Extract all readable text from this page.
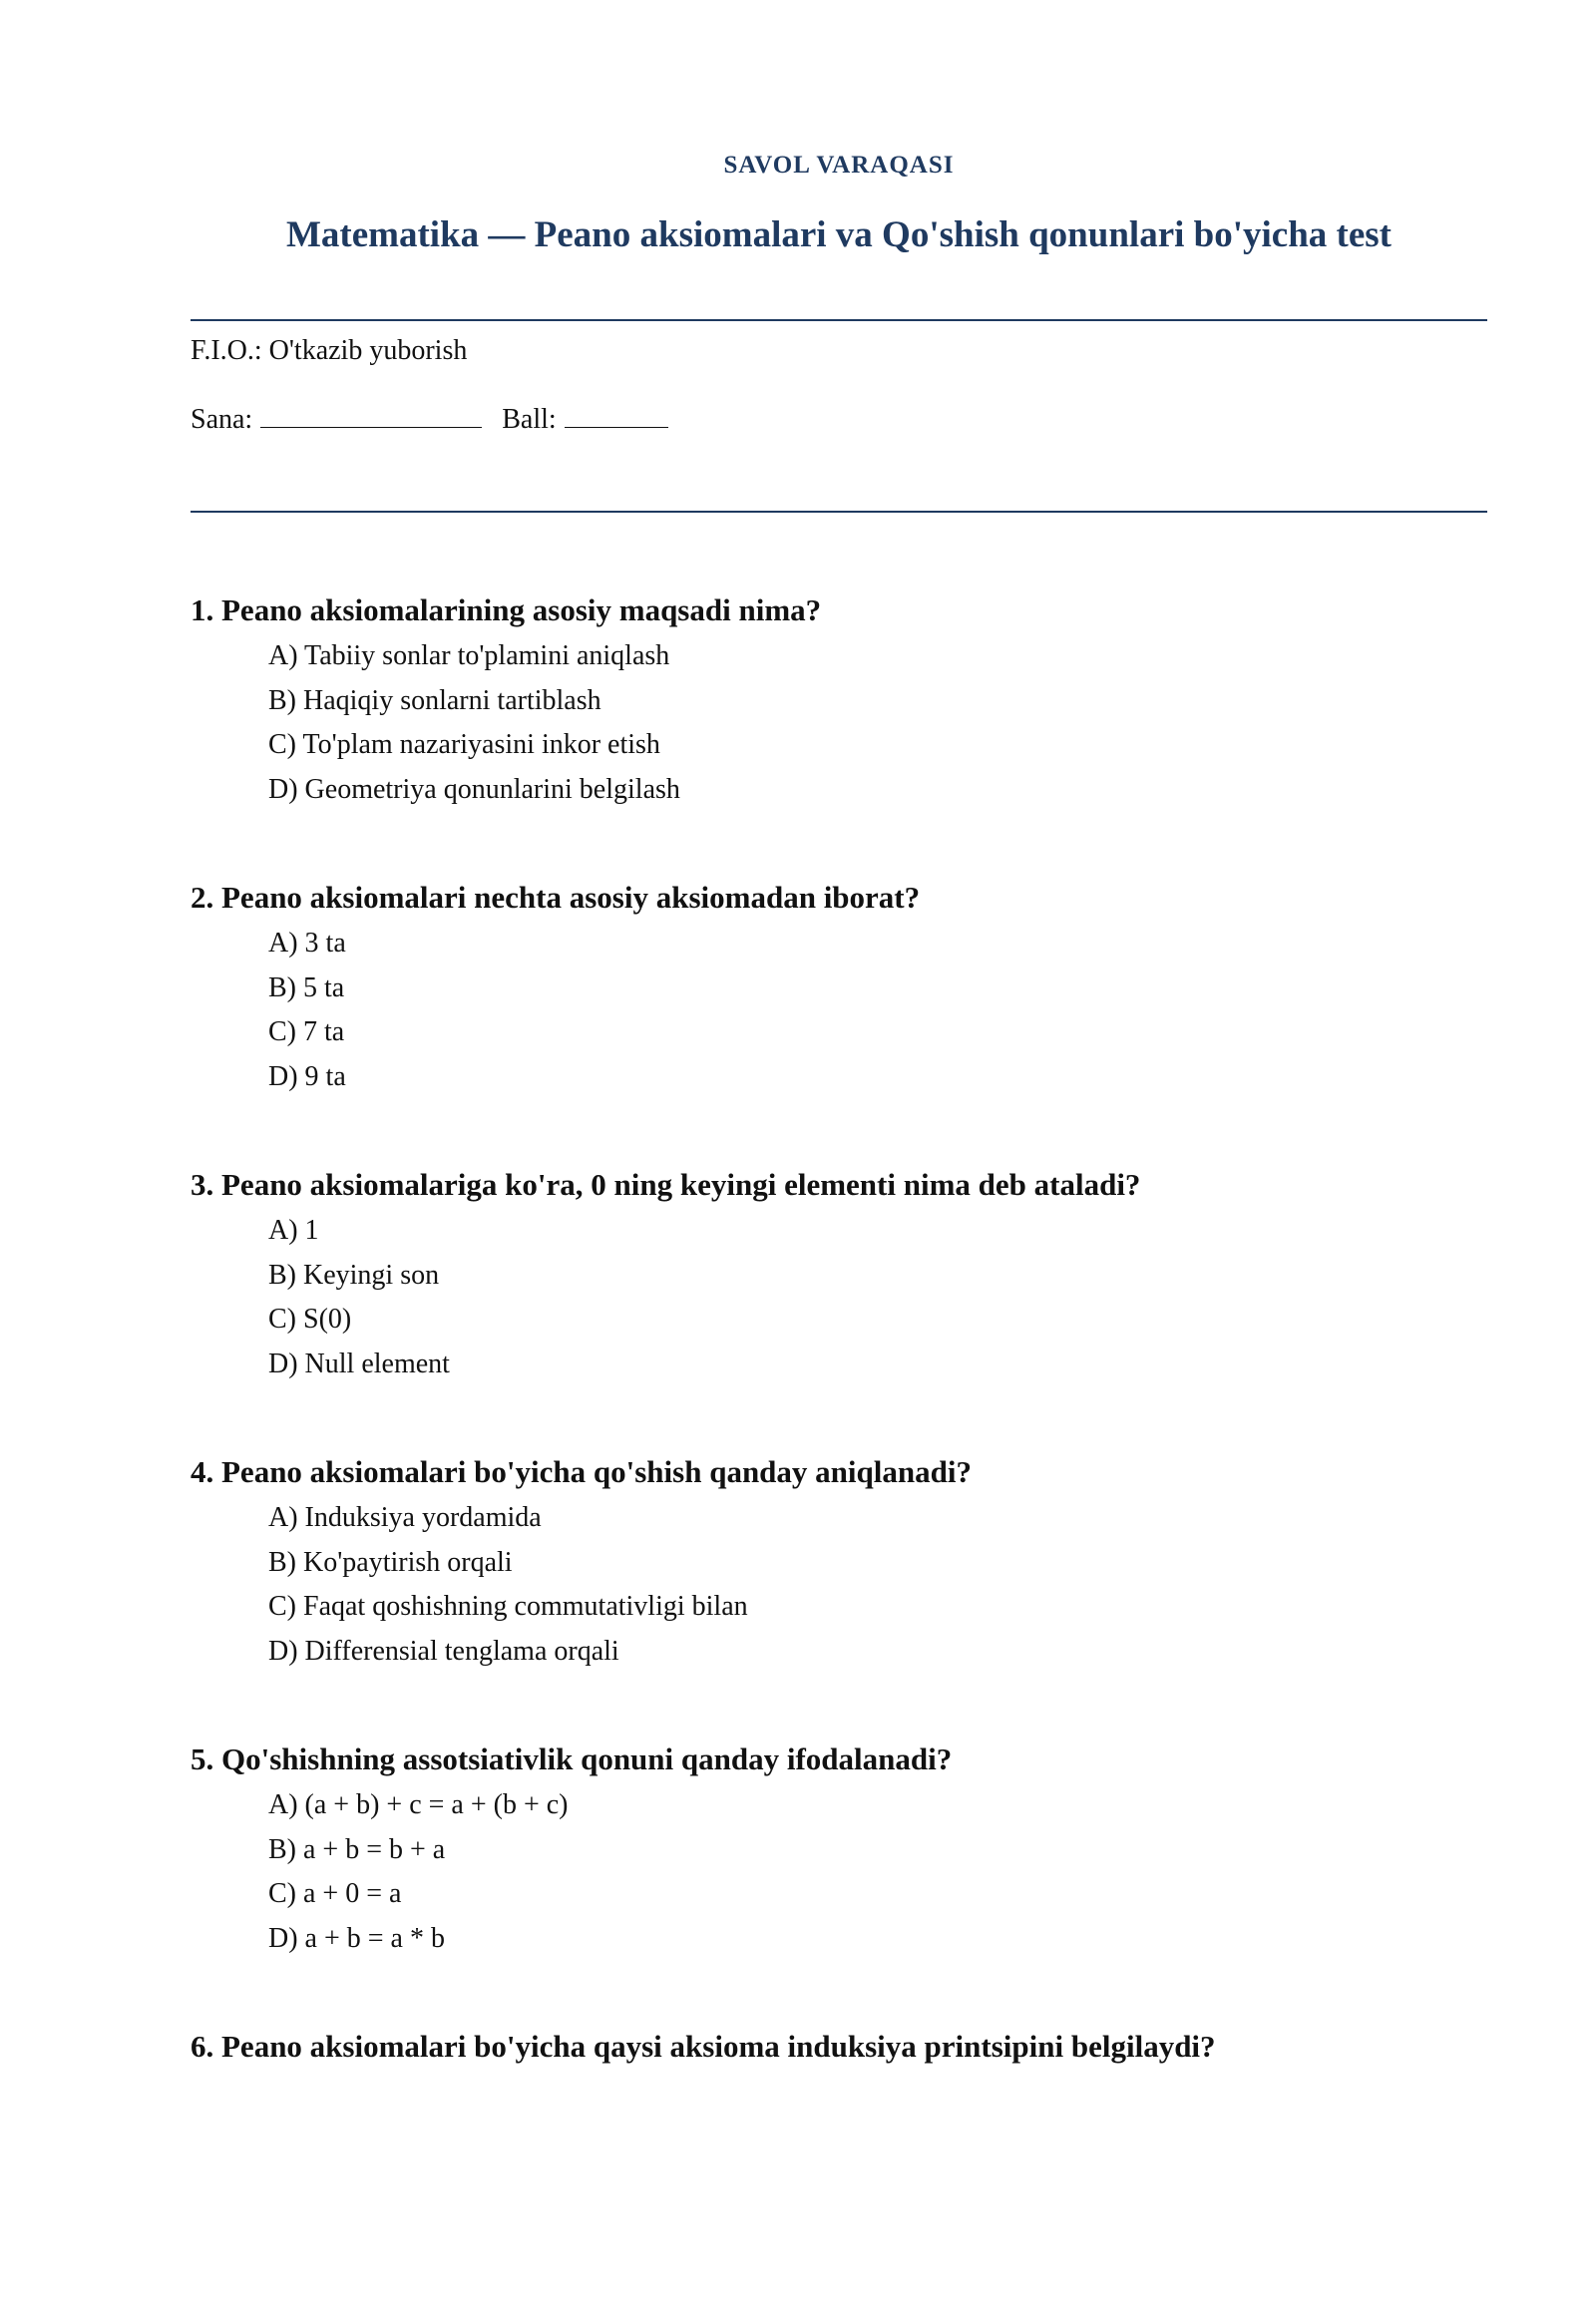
SAVOL VARAQASI
Matematika — Peano aksiomalari va Qo'shish qonunlari bo'yicha test
F.I.O.: O'tkazib yuborish
Sana:	Ball:

1. Peano aksiomalarining asosiy maqsadi nima?

A) Tabiiy sonlar to'plamini aniqlash
B) Haqiqiy sonlarni tartiblash
C) To'plam nazariyasini inkor etish
D) Geometriya qonunlarini belgilash

2. Peano aksiomalari nechta asosiy aksiomadan iborat?

A) 3 ta
B) 5 ta
C) 7 ta
D) 9 ta

3. Peano aksiomalariga ko'ra, 0 ning keyingi elementi nima deb ataladi?

A) 1
B) Keyingi son
C) S(0)
D) Null element

4. Peano aksiomalari bo'yicha qo'shish qanday aniqlanadi?

A) Induksiya yordamida
B) Ko'paytirish orqali
C) Faqat qoshishning commutativligi bilan
D) Differensial tenglama orqali

5. Qo'shishning assotsiativlik qonuni qanday ifodalanadi?

A) (a + b) + c = a + (b + c)
B) a + b = b + a
C) a + 0 = a
D) a + b = a * b

6. Peano aksiomalari bo'yicha qaysi aksioma induksiya printsipini belgilaydi?
